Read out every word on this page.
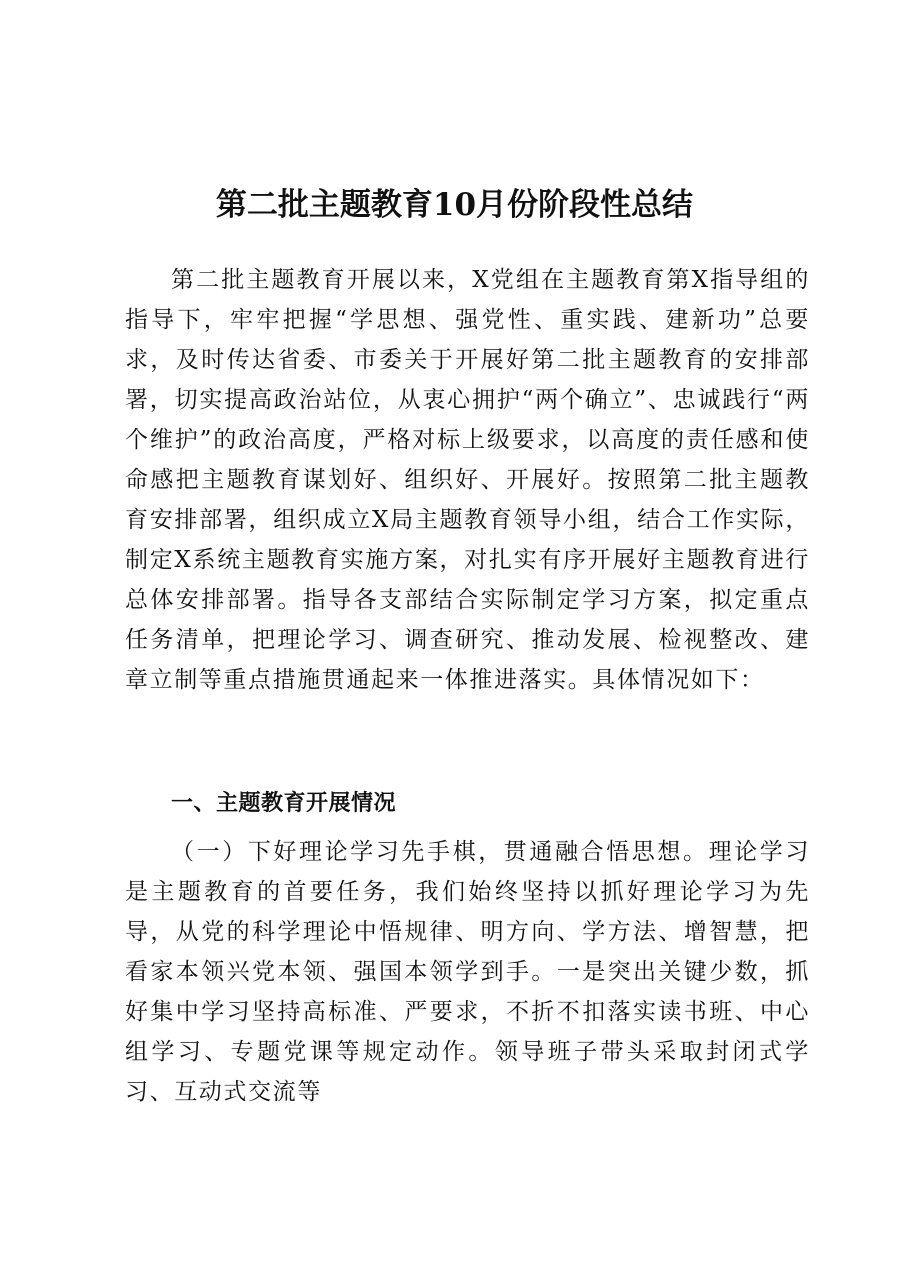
第二批主题教育10月份阶段性总结

第二批主题教育开展以来，X党组在主题教育第X指导组的指导下，牢牢把握“学思想、强党性、重实践、建新功”总要求，及时传达省委、市委关于开展好第二批主题教育的安排部署，切实提高政治站位，从衷心拥护“两个确立”、忠诚践行“两个维护”的政治高度，严格对标上级要求，以高度的责任感和使命感把主题教育谋划好、组织好、开展好。按照第二批主题教育安排部署，组织成立X局主题教育领导小组，结合工作实际，制定X系统主题教育实施方案，对扎实有序开展好主题教育进行总体安排部署。指导各支部结合实际制定学习方案，拟定重点任务清单，把理论学习、调查研究、推动发展、检视整改、建章立制等重点措施贯通起来一体推进落实。具体情况如下：

一、主题教育开展情况

（一）下好理论学习先手棋，贯通融合悟思想。理论学习是主题教育的首要任务，我们始终坚持以抓好理论学习为先导，从党的科学理论中悟规律、明方向、学方法、增智慧，把看家本领兴党本领、强国本领学到手。一是突出关键少数，抓好集中学习坚持高标准、严要求，不折不扣落实读书班、中心组学习、专题党课等规定动作。领导班子带头采取封闭式学习、互动式交流等
